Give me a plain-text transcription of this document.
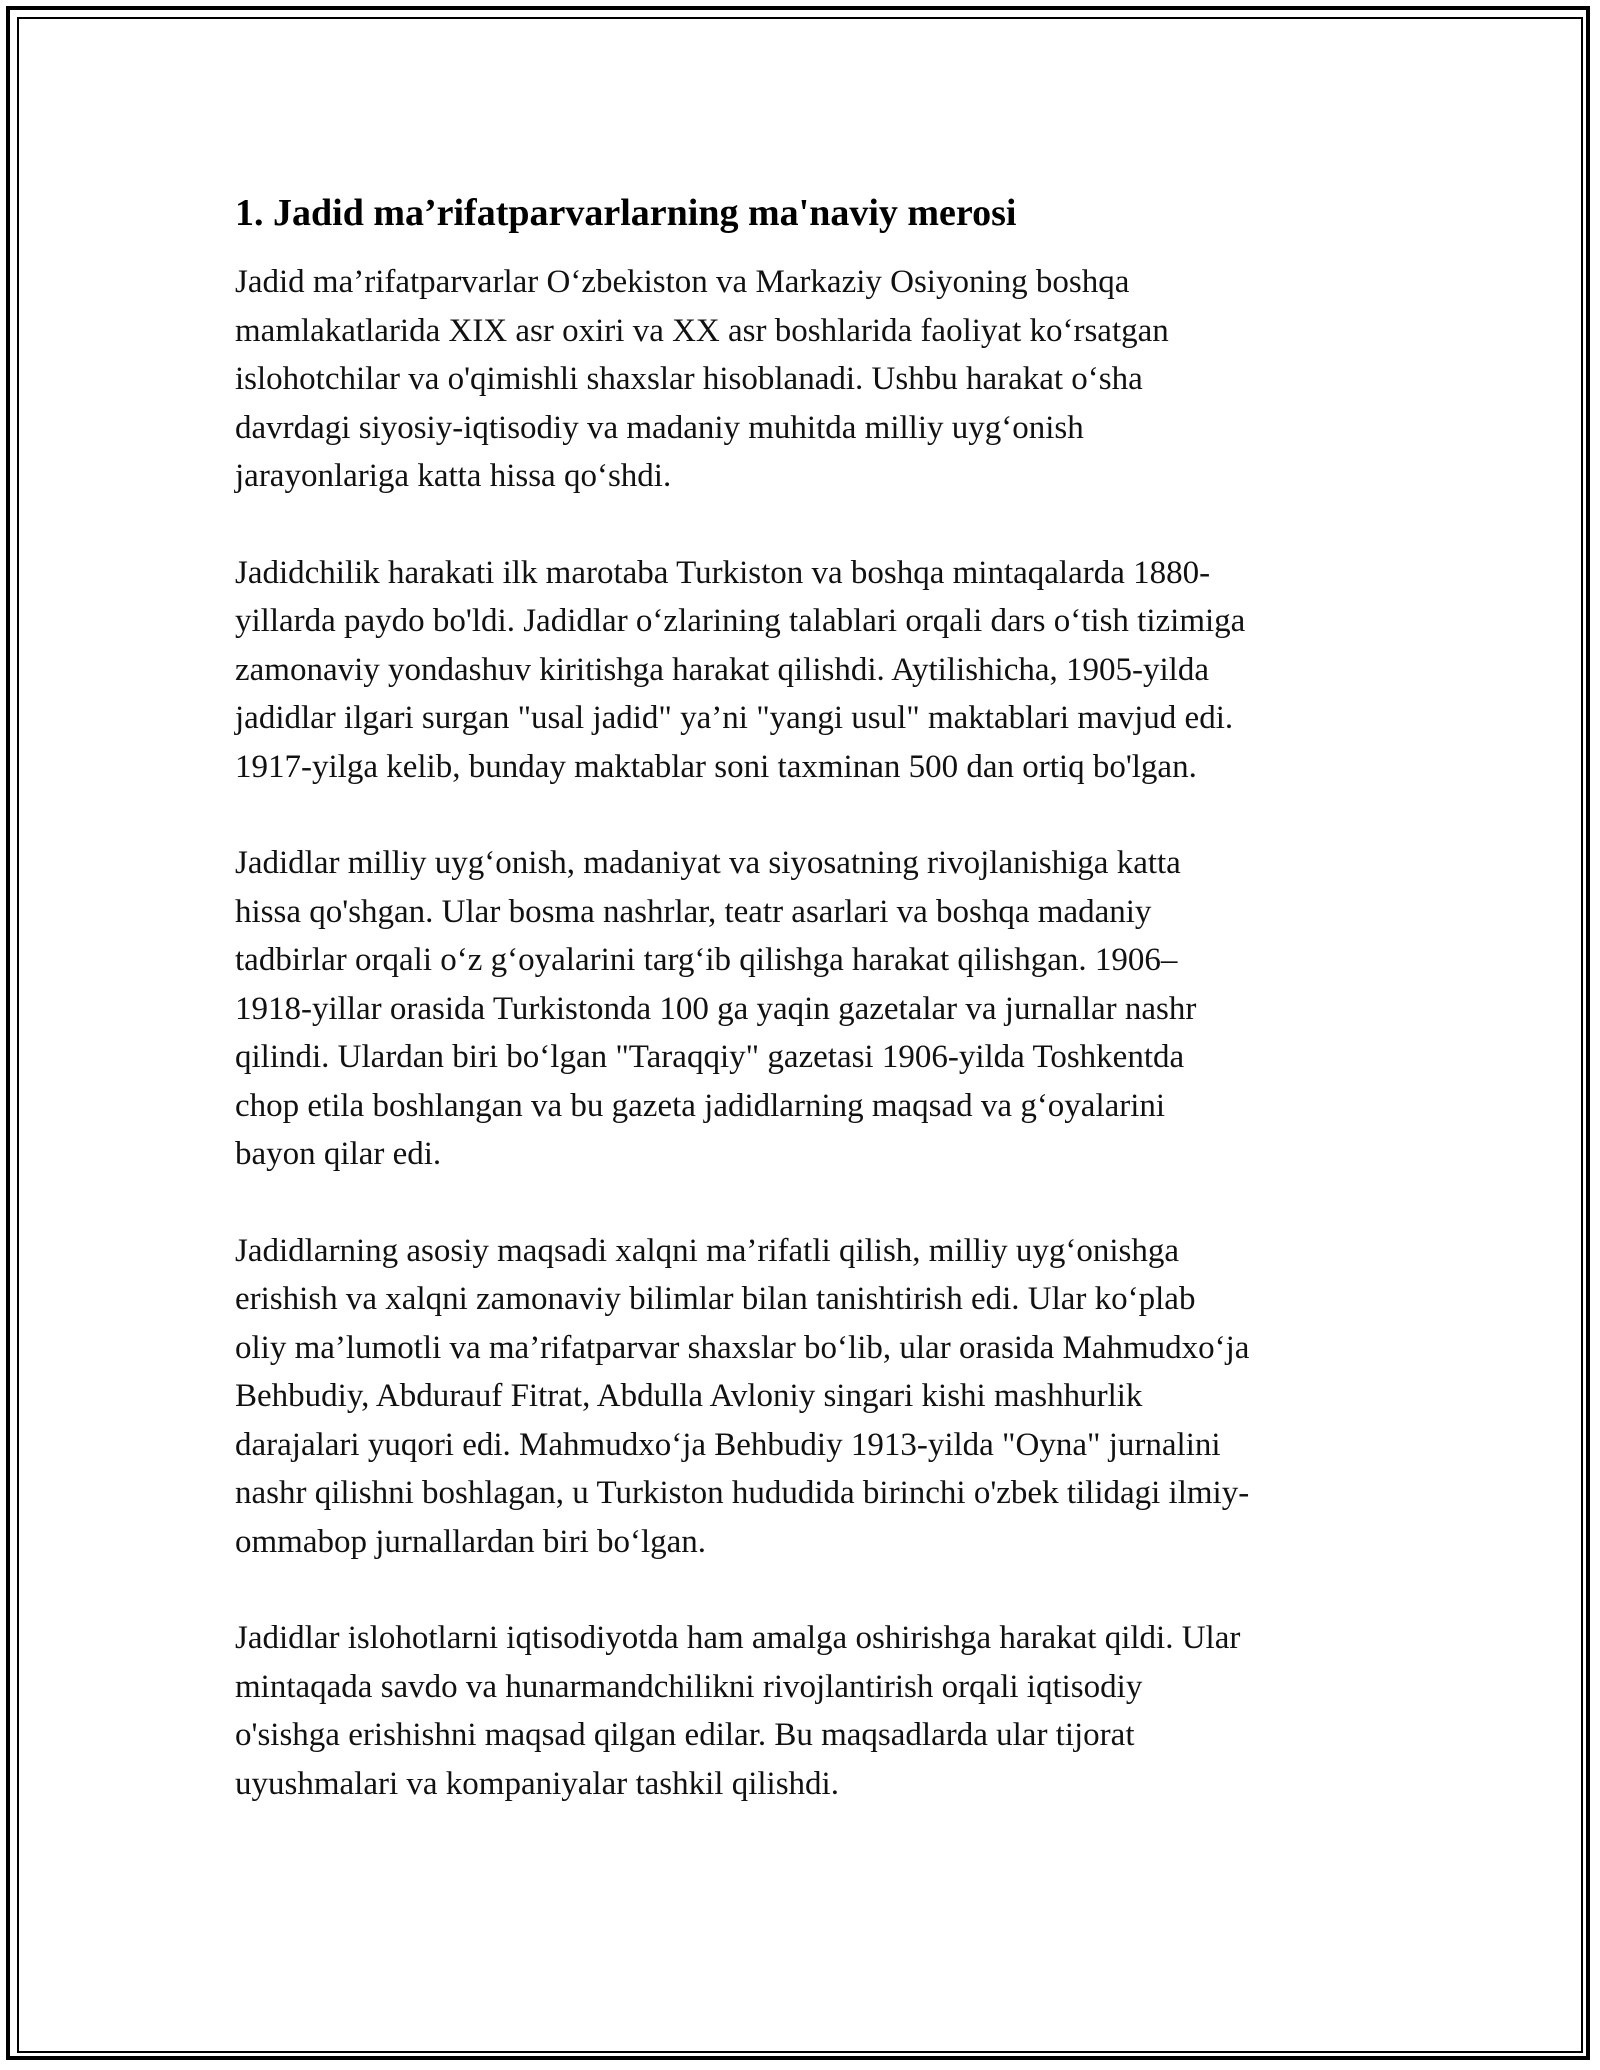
1. Jadid ma’rifatparvarlarning ma'naviy merosi
Jadid ma’rifatparvarlar O‘zbekiston va Markaziy Osiyoning boshqa
mamlakatlarida XIX asr oxiri va XX asr boshlarida faoliyat ko‘rsatgan
islohotchilar va o'qimishli shaxslar hisoblanadi. Ushbu harakat o‘sha
davrdagi siyosiy-iqtisodiy va madaniy muhitda milliy uyg‘onish
jarayonlariga katta hissa qo‘shdi.
Jadidchilik harakati ilk marotaba Turkiston va boshqa mintaqalarda 1880-
yillarda paydo bo'ldi. Jadidlar o‘zlarining talablari orqali dars o‘tish tizimiga
zamonaviy yondashuv kiritishga harakat qilishdi. Aytilishicha, 1905-yilda
jadidlar ilgari surgan "usal jadid" ya’ni "yangi usul" maktablari mavjud edi.
1917-yilga kelib, bunday maktablar soni taxminan 500 dan ortiq bo'lgan.
Jadidlar milliy uyg‘onish, madaniyat va siyosatning rivojlanishiga katta
hissa qo'shgan. Ular bosma nashrlar, teatr asarlari va boshqa madaniy
tadbirlar orqali o‘z g‘oyalarini targ‘ib qilishga harakat qilishgan. 1906–
1918-yillar orasida Turkistonda 100 ga yaqin gazetalar va jurnallar nashr
qilindi. Ulardan biri bo‘lgan "Taraqqiy" gazetasi 1906-yilda Toshkentda
chop etila boshlangan va bu gazeta jadidlarning maqsad va g‘oyalarini
bayon qilar edi.
Jadidlarning asosiy maqsadi xalqni ma’rifatli qilish, milliy uyg‘onishga
erishish va xalqni zamonaviy bilimlar bilan tanishtirish edi. Ular ko‘plab
oliy ma’lumotli va ma’rifatparvar shaxslar bo‘lib, ular orasida Mahmudxo‘ja
Behbudiy, Abdurauf Fitrat, Abdulla Avloniy singari kishi mashhurlik
darajalari yuqori edi. Mahmudxo‘ja Behbudiy 1913-yilda "Oyna" jurnalini
nashr qilishni boshlagan, u Turkiston hududida birinchi o'zbek tilidagi ilmiy-
ommabop jurnallardan biri bo‘lgan.
Jadidlar islohotlarni iqtisodiyotda ham amalga oshirishga harakat qildi. Ular
mintaqada savdo va hunarmandchilikni rivojlantirish orqali iqtisodiy
o'sishga erishishni maqsad qilgan edilar. Bu maqsadlarda ular tijorat
uyushmalari va kompaniyalar tashkil qilishdi.
